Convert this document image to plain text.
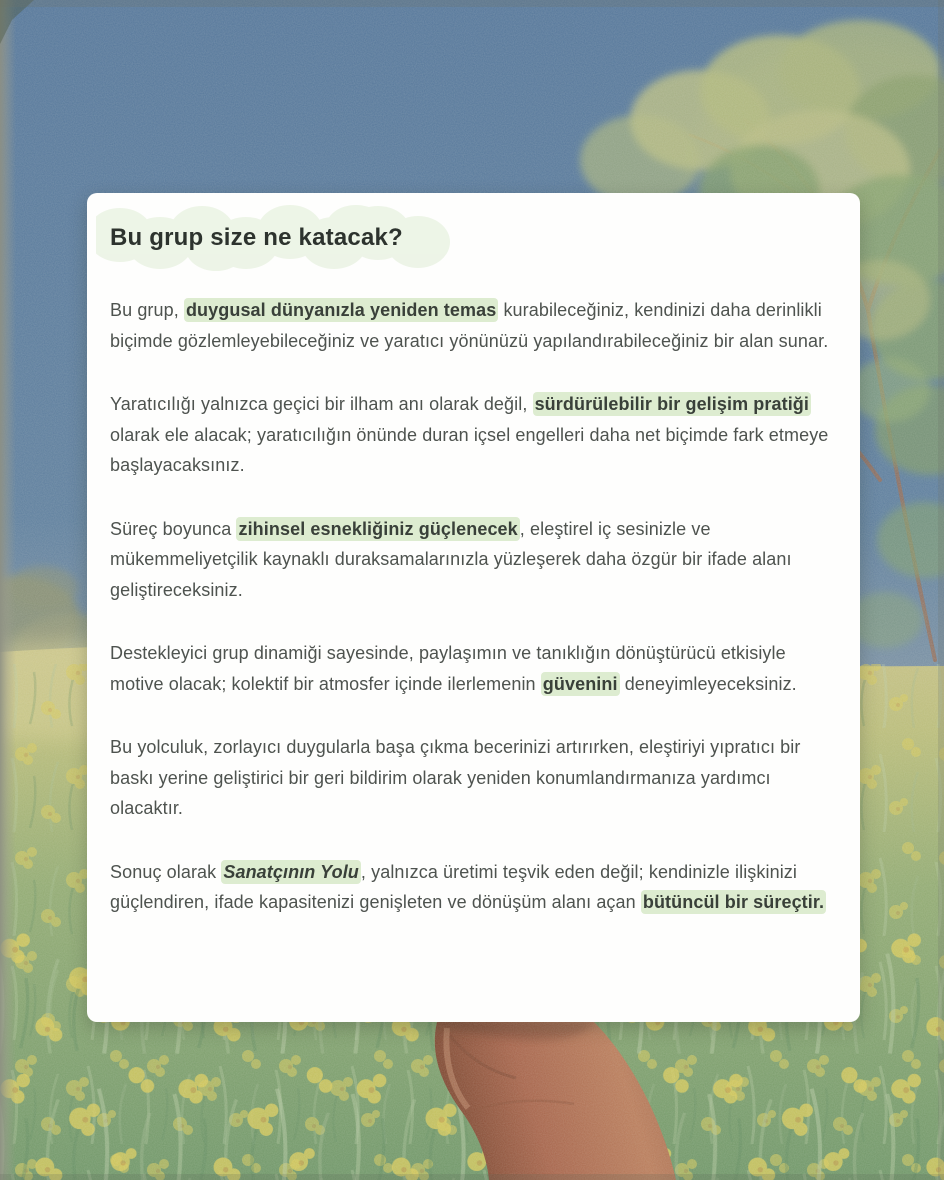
Bu grup size ne katacak?

Bu grup, duygusal dünyanızla yeniden temas kurabileceğiniz, kendinizi daha derinlikli biçimde gözlemleyebileceğiniz ve yaratıcı yönünüzü yapılandırabileceğiniz bir alan sunar.

Yaratıcılığı yalnızca geçici bir ilham anı olarak değil, sürdürülebilir bir gelişim pratiği olarak ele alacak; yaratıcılığın önünde duran içsel engelleri daha net biçimde fark etmeye başlayacaksınız.

Süreç boyunca zihinsel esnekliğiniz güçlenecek , eleştirel iç sesinizle ve mükemmeliyetçilik kaynaklı duraksamalarınızla yüzleşerek daha özgür bir ifade alanı geliştireceksiniz.

Destekleyici grup dinamiği sayesinde, paylaşımın ve tanıklığın dönüştürücü etkisiyle motive olacak; kolektif bir atmosfer içinde ilerlemenin güvenini deneyimleyeceksiniz.

Bu yolculuk, zorlayıcı duygularla başa çıkma becerinizi artırırken, eleştiriyi yıpratıcı bir baskı yerine geliştirici bir geri bildirim olarak yeniden konumlandırmanıza yardımcı olacaktır.

Sonuç olarak Sanatçının Yolu , yalnızca üretimi teşvik eden değil; kendinizle ilişkinizi güçlendiren, ifade kapasitenizi genişleten ve dönüşüm alanı açan bütüncül bir süreçtir.
